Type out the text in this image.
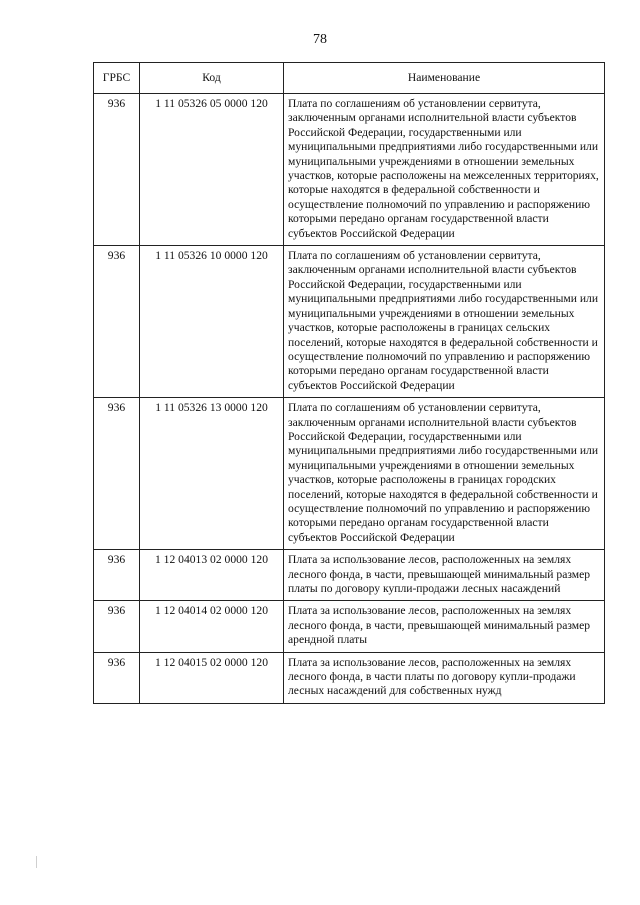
78
ГРБС	Код	Наименование
936	1 11 05326 05 0000 120	Плата по соглашениям об установлении сервитута, заключенным органами исполнительной власти субъектов Российской Федерации, государственными или муниципальными предприятиями либо государственными или муниципальными учреждениями в отношении земельных участков, которые расположены на межселенных территориях, которые находятся в федеральной собственности и осуществление полномочий по управлению и распоряжению которыми передано органам государственной власти субъектов Российской Федерации
936	1 11 05326 10 0000 120	Плата по соглашениям об установлении сервитута, заключенным органами исполнительной власти субъектов Российской Федерации, государственными или муниципальными предприятиями либо государственными или муниципальными учреждениями в отношении земельных участков, которые расположены в границах сельских поселений, которые находятся в федеральной собственности и осуществление полномочий по управлению и распоряжению которыми передано органам государственной власти субъектов Российской Федерации
936	1 11 05326 13 0000 120	Плата по соглашениям об установлении сервитута, заключенным органами исполнительной власти субъектов Российской Федерации, государственными или муниципальными предприятиями либо государственными или муниципальными учреждениями в отношении земельных участков, которые расположены в границах городских поселений, которые находятся в федеральной собственности и осуществление полномочий по управлению и распоряжению которыми передано органам государственной власти субъектов Российской Федерации
936	1 12 04013 02 0000 120	Плата за использование лесов, расположенных на землях лесного фонда, в части, превышающей минимальный размер платы по договору купли-продажи лесных насаждений
936	1 12 04014 02 0000 120	Плата за использование лесов, расположенных на землях лесного фонда, в части, превышающей минимальный размер арендной платы
936	1 12 04015 02 0000 120	Плата за использование лесов, расположенных на землях лесного фонда, в части платы по договору купли-продажи лесных насаждений для собственных нужд
